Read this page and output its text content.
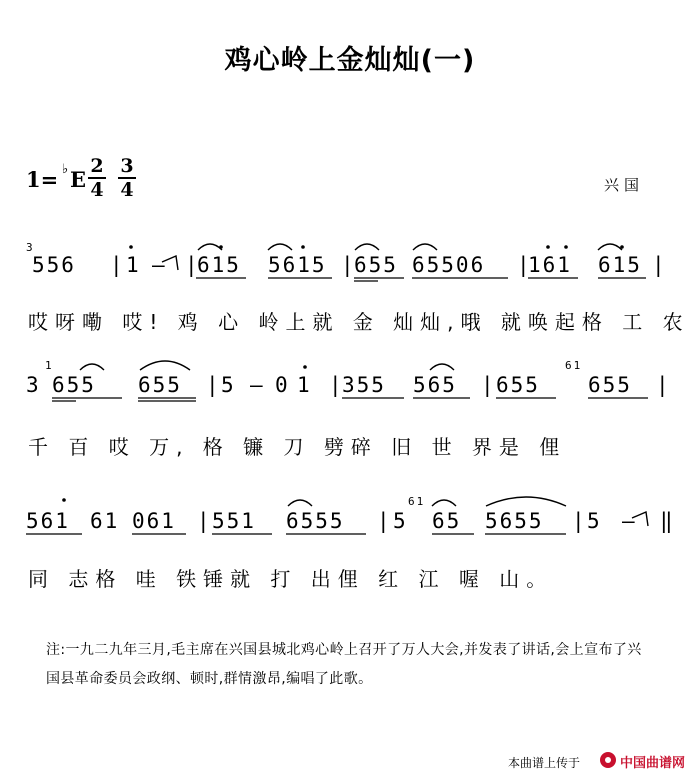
鸡心岭上金灿灿(一)
1= ♭ E
2
4
3
4	兴国
3
556 | 1 – |
615 5615 |
655 65506 |
161 615 |
哎呀嘞 哎! 鸡 心 岭上就 金 灿灿,哦 就唤起格 工 农
3
1
655 655 | 5 – 0 1 |
355 565 | 655
61
655 |
千 百 哎 万, 格 镰 刀 劈碎 旧 世 界是 俚
561 61 061 | 551 6555 | 5
61
65 5655 | 5 – ‖
同 志格 哇 铁锤就 打 出俚 红 江 喔 山。
注:一九二九年三月,毛主席在兴国县城北鸡心岭上召开了万人大会,并发表了讲话,会上宣布了兴国县革命委员会政纲、顿时,群情激昂,编唱了此歌。
本曲谱上传于	中国曲谱网
